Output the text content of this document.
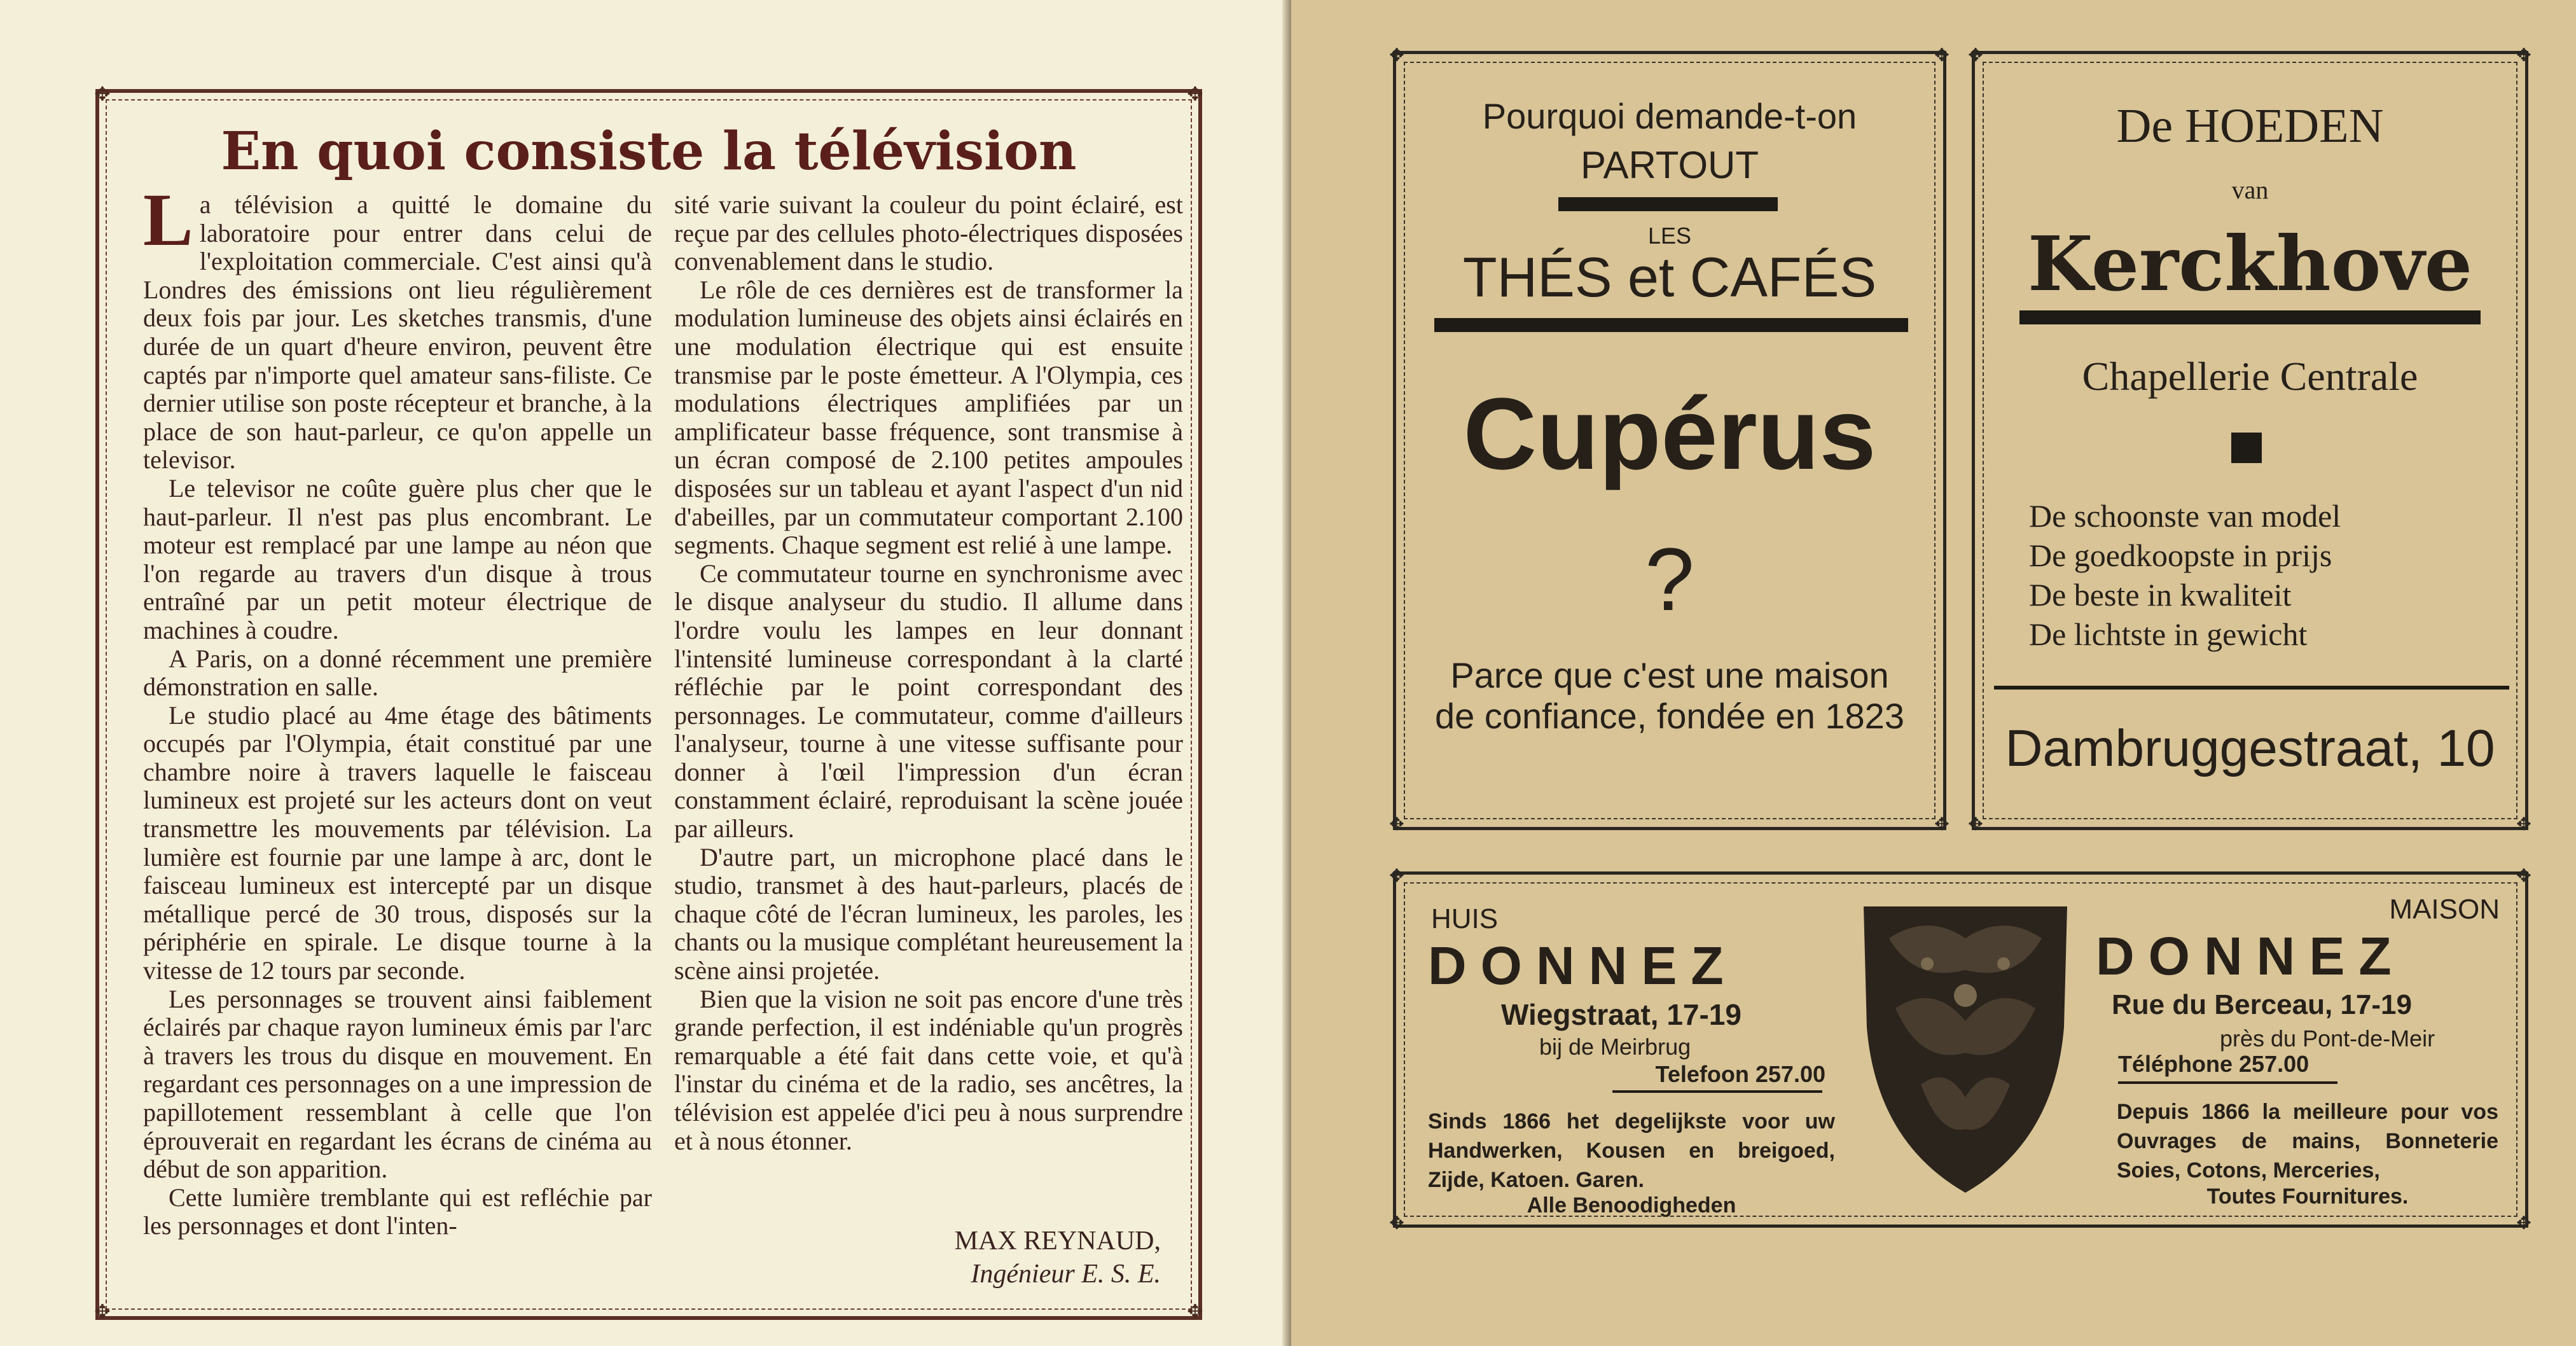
✥	✥
✥	✥
En quoi consiste la télévision

La télévision a quitté le domaine du laboratoire pour entrer dans celui de l'exploitation commerciale. C'est ainsi qu'à Londres des émissions ont lieu régulièrement deux fois par jour. Les sketches transmis, d'une durée de un quart d'heure environ, peuvent être captés par n'importe quel amateur sans-filiste. Ce dernier utilise son poste récepteur et branche, à la place de son haut-parleur, ce qu'on appelle un televisor.

Le televisor ne coûte guère plus cher que le haut-parleur. Il n'est pas plus encombrant. Le moteur est remplacé par une lampe au néon que l'on regarde au travers d'un disque à trous entraîné par un petit moteur électrique de machines à coudre.

A Paris, on a donné récemment une première démonstration en salle.

Le studio placé au 4me étage des bâtiments occupés par l'Olympia, était constitué par une chambre noire à travers laquelle le faisceau lumineux est projeté sur les acteurs dont on veut transmettre les mouvements par télévision. La lumière est fournie par une lampe à arc, dont le faisceau lumineux est intercepté par un disque métallique percé de 30 trous, disposés sur la périphérie en spirale. Le disque tourne à la vitesse de 12 tours par seconde.

Les personnages se trouvent ainsi faiblement éclairés par chaque rayon lumineux émis par l'arc à travers les trous du disque en mouvement. En regardant ces personnages on a une impression de papillotement ressemblant à celle que l'on éprouverait en regardant les écrans de cinéma au début de son apparition.

Cette lumière tremblante qui est refléchie par les personnages et dont l'inten-

sité varie suivant la couleur du point éclairé, est reçue par des cellules photo-électriques disposées convenablement dans le studio.

Le rôle de ces dernières est de transformer la modulation lumineuse des objets ainsi éclairés en une modulation électrique qui est ensuite transmise par le poste émetteur. A l'Olympia, ces modulations électriques amplifiées par un amplificateur basse fréquence, sont transmise à un écran composé de 2.100 petites ampoules disposées sur un tableau et ayant l'aspect d'un nid d'abeilles, par un commutateur comportant 2.100 segments. Chaque segment est relié à une lampe.

Ce commutateur tourne en synchronisme avec le disque analyseur du studio. Il allume dans l'ordre voulu les lampes en leur donnant l'intensité lumineuse correspondant à la clarté réfléchie par le point correspondant des personnages. Le commutateur, comme d'ailleurs l'analyseur, tourne à une vitesse suffisante pour donner à l'œil l'impression d'un écran constamment éclairé, reproduisant la scène jouée par ailleurs.

D'autre part, un microphone placé dans le studio, transmet à des haut-parleurs, placés de chaque côté de l'écran lumineux, les paroles, les chants ou la musique complétant heureusement la scène ainsi projetée.

Bien que la vision ne soit pas encore d'une très grande perfection, il est indéniable qu'un progrès remarquable a été fait dans cette voie, et qu'à l'instar du cinéma et de la radio, ses ancêtres, la télévision est appelée d'ici peu à nous surprendre et à nous étonner.

MAX REYNAUD,
Ingénieur E. S. E.
✥	✥
✥	✥
Pourquoi demande-t-on
PARTOUT
LES
THÉS et CAFÉS
Cupérus
?
Parce que c'est une maison de confiance, fondée en 1823
✥	✥
✥	✥
De HOEDEN
van
Kerckhove
Chapellerie Centrale
De schoonste van model
De goedkoopste in prijs
De beste in kwaliteit
De lichtste in gewicht
Dambruggestraat, 10
✥	✥
✥	✥
HUIS
DONNEZ
Wiegstraat, 17-19
bij de Meirbrug
Telefoon 257.00
Sinds 1866 het degelijkste voor uw Handwerken, Kousen en breigoed, Zijde, Katoen. Garen.
Alle Benoodigheden
MAISON
DONNEZ
Rue du Berceau, 17-19
près du Pont-de-Meir
Téléphone 257.00
Depuis 1866 la meilleure pour vos Ouvrages de mains, Bonneterie Soies, Cotons, Merceries,
Toutes Fournitures.
